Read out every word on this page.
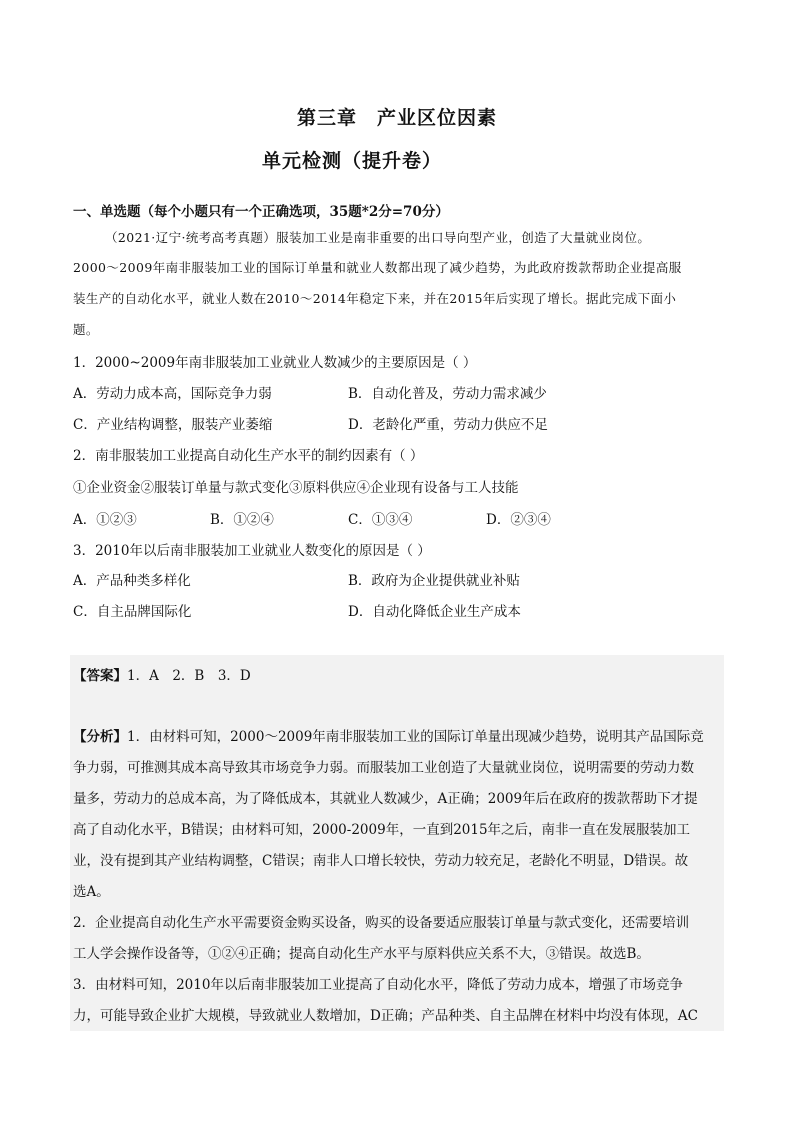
第三章　产业区位因素
单元检测（提升卷）
一、单选题（每个小题只有一个正确选项，35题*2分=70分）
（2021·辽宁·统考高考真题）服装加工业是南非重要的出口导向型产业，创造了大量就业岗位。
2000～2009年南非服装加工业的国际订单量和就业人数都出现了减少趋势，为此政府拨款帮助企业提高服
装生产的自动化水平，就业人数在2010～2014年稳定下来，并在2015年后实现了增长。据此完成下面小
题。
1．2000~2009年南非服装加工业就业人数减少的主要原因是（ ）
A．劳动力成本高，国际竞争力弱	B．自动化普及，劳动力需求减少
C．产业结构调整，服装产业萎缩	D．老龄化严重，劳动力供应不足
2．南非服装加工业提高自动化生产水平的制约因素有（ ）
①企业资金②服装订单量与款式变化③原料供应④企业现有设备与工人技能
A．①②③	B．①②④	C．①③④	D．②③④
3．2010年以后南非服装加工业就业人数变化的原因是（ ）
A．产品种类多样化	B．政府为企业提供就业补贴
C．自主品牌国际化	D．自动化降低企业生产成本
【答案】1．A　2．B　3．D
【分析】1．由材料可知，2000～2009年南非服装加工业的国际订单量出现减少趋势，说明其产品国际竞
争力弱，可推测其成本高导致其市场竞争力弱。而服装加工业创造了大量就业岗位，说明需要的劳动力数
量多，劳动力的总成本高，为了降低成本，其就业人数减少，A正确；2009年后在政府的拨款帮助下才提
高了自动化水平，B错误；由材料可知，2000-2009年，一直到2015年之后，南非一直在发展服装加工
业，没有提到其产业结构调整，C错误；南非人口增长较快，劳动力较充足，老龄化不明显，D错误。故
选A。
2．企业提高自动化生产水平需要资金购买设备，购买的设备要适应服装订单量与款式变化，还需要培训
工人学会操作设备等，①②④正确；提高自动化生产水平与原料供应关系不大，③错误。故选B。
3．由材料可知，2010年以后南非服装加工业提高了自动化水平，降低了劳动力成本，增强了市场竞争
力，可能导致企业扩大规模，导致就业人数增加，D正确；产品种类、自主品牌在材料中均没有体现，AC
